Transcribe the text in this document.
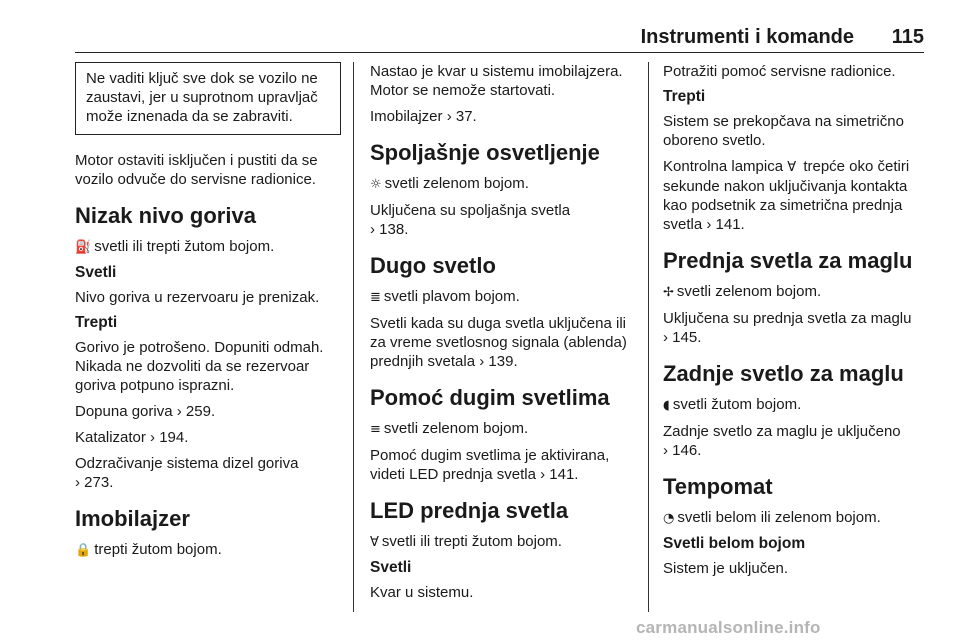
Instrumenti i komande 115
Ne vaditi ključ sve dok se vozilo ne zaustavi, jer u suprotnom upravljač može iznenada da se zabraviti.

Motor ostaviti isključen i pustiti da se vozilo odvuče do servisne radionice.

Nizak nivo goriva

⛽ svetli ili trepti žutom bojom.

Svetli

Nivo goriva u rezervoaru je prenizak.

Trepti

Gorivo je potrošeno. Dopuniti odmah. Nikada ne dozvoliti da se rezervoar goriva potpuno isprazni.

Dopuna goriva › 259.

Katalizator › 194.

Odzračivanje sistema dizel goriva
› 273.

Imobilajzer

🔒 trepti žutom bojom.

Nastao je kvar u sistemu imobilajzera. Motor se nemože startovati.

Imobilajzer › 37.

Spoljašnje osvetljenje

☼ svetli zelenom bojom.

Uključena su spoljašnja svetla
› 138.

Dugo svetlo

≣ svetli plavom bojom.

Svetli kada su duga svetla uključena ili za vreme svetlosnog signala (ablenda) prednjih svetala › 139.

Pomoć dugim svetlima

≡ svetli zelenom bojom.

Pomoć dugim svetlima je aktivirana, videti LED prednja svetla › 141.

LED prednja svetla

Ɐ svetli ili trepti žutom bojom.

Svetli

Kvar u sistemu.

Potražiti pomoć servisne radionice.

Trepti

Sistem se prekopčava na simetrično oboreno svetlo.

Kontrolna lampica Ɐ trepće oko četiri sekunde nakon uključivanja kontakta kao podsetnik za simetrična prednja svetla › 141.

Prednja svetla za maglu

✢ svetli zelenom bojom.

Uključena su prednja svetla za maglu
› 145.

Zadnje svetlo za maglu

◖ svetli žutom bojom.

Zadnje svetlo za maglu je uključeno
› 146.

Tempomat

◔ svetli belom ili zelenom bojom.

Svetli belom bojom

Sistem je uključen.

carmanualsonline.info
